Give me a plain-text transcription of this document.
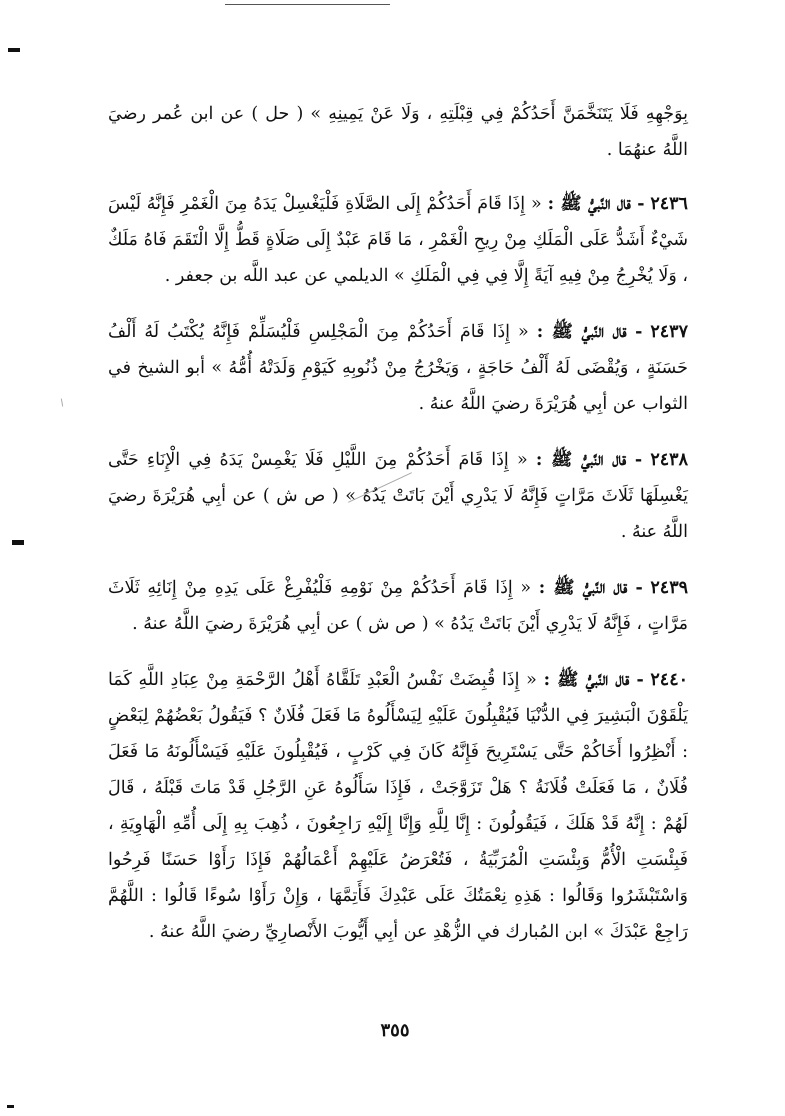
بِوَجْهِهِ فَلَا يَتَنَخَّمَنَّ أَحَدُكُمْ فِي قِبْلَتِهِ ، وَلَا عَنْ يَمِينِهِ » ( حل ) عن ابن عُمر رضيَ اللَّهُ عنهُمَا .

٢٤٣٦ - قال النَّبيُّ ﷺ : « إِذَا قَامَ أَحَدُكُمْ إِلَى الصَّلَاةِ فَلْيَغْسِلْ يَدَهُ مِنَ الْغَمْرِ فَإِنَّهُ لَيْسَ شَيْءٌ أَشَدُّ عَلَى الْمَلَكِ مِنْ رِيحِ الْغَمْرِ ، مَا قَامَ عَبْدٌ إِلَى صَلَاةٍ قَطُّ إِلَّا الْتَقَمَ فَاهُ مَلَكٌ ، وَلَا يُخْرِجُ مِنْ فِيهِ آيَةً إِلَّا فِي فِي الْمَلَكِ » الديلمي عن عبد اللَّه بن جعفر .

٢٤٣٧ - قال النَّبيُّ ﷺ : « إِذَا قَامَ أَحَدُكُمْ مِنَ الْمَجْلِسِ فَلْيُسَلِّمْ فَإِنَّهُ يُكْتَبُ لَهُ أَلْفُ حَسَنَةٍ ، وَيُقْضَى لَهُ أَلْفُ حَاجَةٍ ، وَيَخْرُجُ مِنْ ذُنُوبِهِ كَيَوْمِ وَلَدَتْهُ أُمُّهُ » أبو الشيخ في الثواب عن أبِي هُرَيْرَةَ رضيَ اللَّهُ عنهُ .

٢٤٣٨ - قال النَّبيُّ ﷺ : « إِذَا قَامَ أَحَدُكُمْ مِنَ اللَّيْلِ فَلَا يَغْمِسْ يَدَهُ فِي الْإِنَاءِ حَتَّى يَغْسِلَهَا ثَلَاثَ مَرَّاتٍ فَإِنَّهُ لَا يَدْرِي أَيْنَ بَاتَتْ يَدُهُ » ( ص ش ) عن أبِي هُرَيْرَةَ رضيَ اللَّهُ عنهُ .

٢٤٣٩ - قال النَّبيُّ ﷺ : « إِذَا قَامَ أَحَدُكُمْ مِنْ نَوْمِهِ فَلْيُفْرِغْ عَلَى يَدِهِ مِنْ إِنَائِهِ ثَلَاثَ مَرَّاتٍ ، فَإِنَّهُ لَا يَدْرِي أَيْنَ بَاتَتْ يَدُهُ » ( ص ش ) عن أبِي هُرَيْرَةَ رضيَ اللَّهُ عنهُ .

٢٤٤٠ - قال النَّبيُّ ﷺ : « إِذَا قُبِضَتْ نَفْسُ الْعَبْدِ تَلَقَّاهُ أَهْلُ الرَّحْمَةِ مِنْ عِبَادِ اللَّهِ كَمَا يَلْقَوْنَ الْبَشِيرَ فِي الدُّنْيَا فَيُقْبِلُونَ عَلَيْهِ لِيَسْأَلُوهُ مَا فَعَلَ فُلَانٌ ؟ فَيَقُولُ بَعْضُهُمْ لِبَعْضٍ : أَنْظِرُوا أَخَاكُمْ حَتَّى يَسْتَرِيحَ فَإِنَّهُ كَانَ فِي كَرْبٍ ، فَيُقْبِلُونَ عَلَيْهِ فَيَسْأَلُونَهُ مَا فَعَلَ فُلَانٌ ، مَا فَعَلَتْ فُلَانَةُ ؟ هَلْ تَزَوَّجَتْ ، فَإِذَا سَأَلُوهُ عَنِ الرَّجُلِ قَدْ مَاتَ قَبْلَهُ ، قَالَ لَهُمْ : إِنَّهُ قَدْ هَلَكَ ، فَيَقُولُونَ : إِنَّا لِلَّهِ وَإِنَّا إِلَيْهِ رَاجِعُونَ ، ذُهِبَ بِهِ إِلَى أُمِّهِ الْهَاوِيَةِ ، فَبِئْسَتِ الْأُمُّ وَبِئْسَتِ الْمُرَبِّيَةُ ، فَتُعْرَضُ عَلَيْهِمْ أَعْمَالُهُمْ فَإِذَا رَأَوْا حَسَنًا فَرِحُوا وَاسْتَبْشَرُوا وَقَالُوا : هَذِهِ نِعْمَتُكَ عَلَى عَبْدِكَ فَأَتِمَّهَا ، وَإِنْ رَأَوْا سُوءًا قَالُوا : اللَّهُمَّ رَاجِعْ عَبْدَكَ » ابن المُبارك في الزُّهْدِ عن أبِي أَيُّوبَ الأَنْصارِيِّ رضيَ اللَّهُ عنهُ .

٣٥٥
